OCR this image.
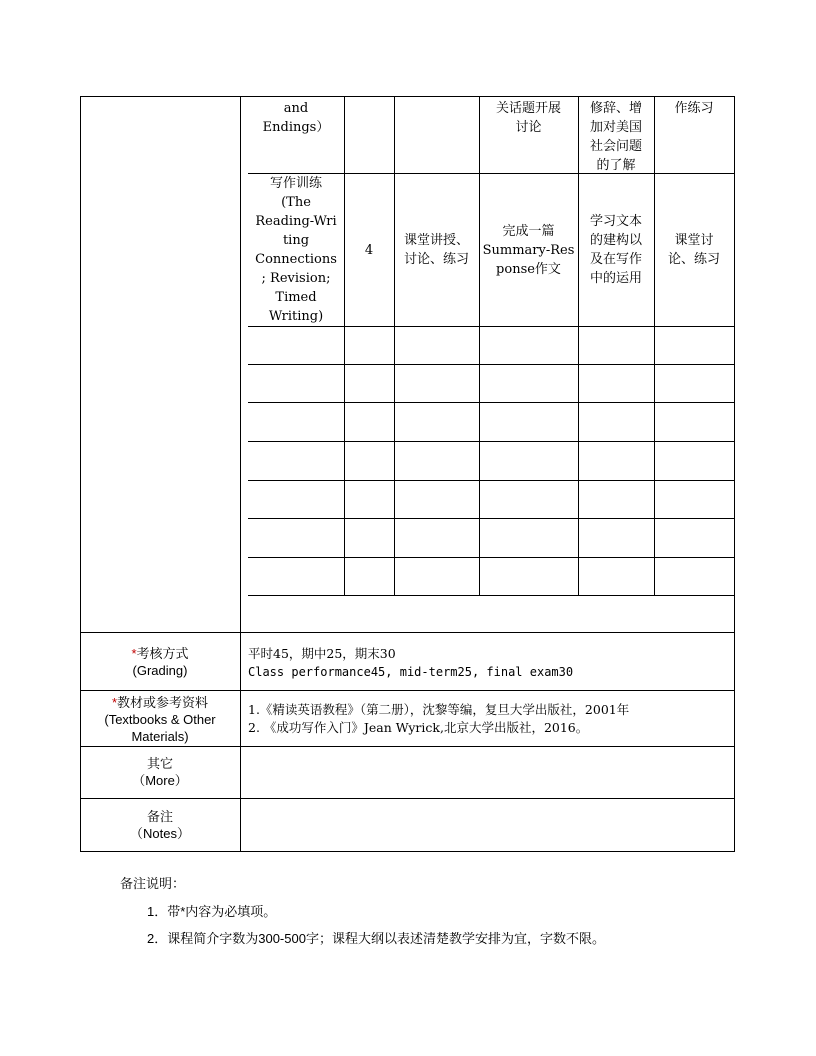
and
Endings）
关话题开展
讨论
修辞、增
加对美国
社会问题
的了解
作练习
写作训练
(The
Reading-Wri
ting
Connections
; Revision;
Timed
Writing)
4
课堂讲授、
讨论、练习
完成一篇
Summary-Res
ponse作文
学习文本
的建构以
及在写作
中的运用
课堂讨
论、练习
*考核方式
(Grading)
平时45，期中25，期末30
Class performance45, mid-term25, final exam30
*教材或参考资料
(Textbooks & Other
Materials)
1.《精读英语教程》（第二册），沈黎等编，复旦大学出版社，2001年
2. 《成功写作入门》Jean Wyrick,北京大学出版社，2016。
其它
（More）
备注
（Notes）
备注说明：
1．带*内容为必填项。
2．课程简介字数为300-500字；课程大纲以表述清楚教学安排为宜，字数不限。
